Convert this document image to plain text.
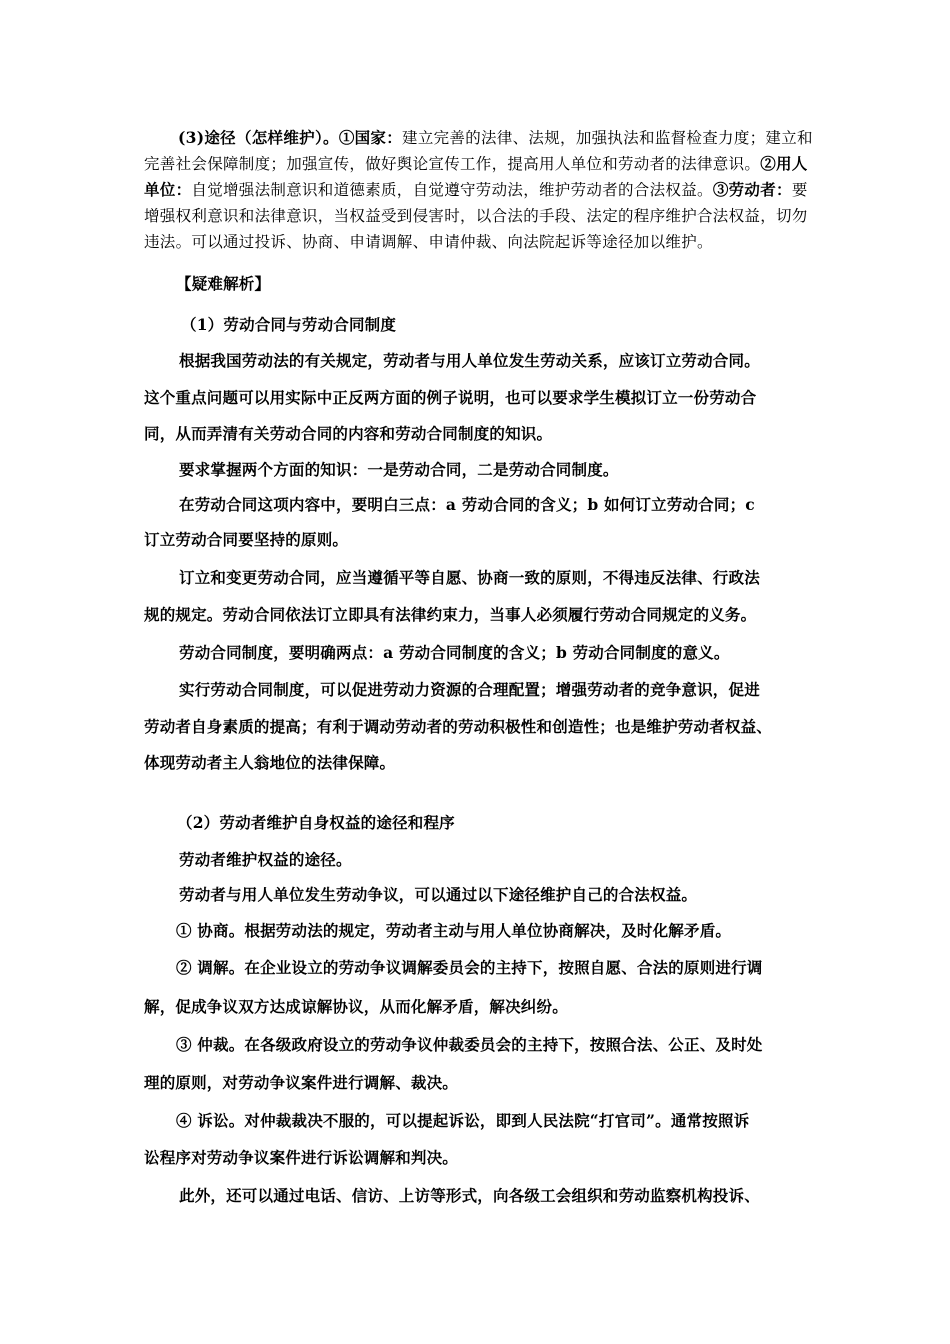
(3)途径（怎样维护）。①国家：建立完善的法律、法规，加强执法和监督检查力度；建立和完善社会保障制度；加强宣传，做好舆论宣传工作，提高用人单位和劳动者的法律意识。②用人单位：自觉增强法制意识和道德素质，自觉遵守劳动法，维护劳动者的合法权益。③劳动者：要增强权利意识和法律意识，当权益受到侵害时，以合法的手段、法定的程序维护合法权益，切勿违法。可以通过投诉、协商、申请调解、申请仲裁、向法院起诉等途径加以维护。
【疑难解析】
（1）劳动合同与劳动合同制度
根据我国劳动法的有关规定，劳动者与用人单位发生劳动关系，应该订立劳动合同。
这个重点问题可以用实际中正反两方面的例子说明，也可以要求学生模拟订立一份劳动合
同，从而弄清有关劳动合同的内容和劳动合同制度的知识。
要求掌握两个方面的知识：一是劳动合同，二是劳动合同制度。
在劳动合同这项内容中，要明白三点：a 劳动合同的含义；b 如何订立劳动合同；c
订立劳动合同要坚持的原则。
订立和变更劳动合同，应当遵循平等自愿、协商一致的原则，不得违反法律、行政法
规的规定。劳动合同依法订立即具有法律约束力，当事人必须履行劳动合同规定的义务。
劳动合同制度，要明确两点：a 劳动合同制度的含义；b 劳动合同制度的意义。
实行劳动合同制度，可以促进劳动力资源的合理配置；增强劳动者的竞争意识，促进
劳动者自身素质的提高；有利于调动劳动者的劳动积极性和创造性；也是维护劳动者权益、
体现劳动者主人翁地位的法律保障。
（2）劳动者维护自身权益的途径和程序
劳动者维护权益的途径。
劳动者与用人单位发生劳动争议，可以通过以下途径维护自己的合法权益。
① 协商。根据劳动法的规定，劳动者主动与用人单位协商解决，及时化解矛盾。
② 调解。在企业设立的劳动争议调解委员会的主持下，按照自愿、合法的原则进行调
解，促成争议双方达成谅解协议，从而化解矛盾，解决纠纷。
③ 仲裁。在各级政府设立的劳动争议仲裁委员会的主持下，按照合法、公正、及时处
理的原则，对劳动争议案件进行调解、裁决。
④ 诉讼。对仲裁裁决不服的，可以提起诉讼，即到人民法院“打官司”。通常按照诉
讼程序对劳动争议案件进行诉讼调解和判决。
此外，还可以通过电话、信访、上访等形式，向各级工会组织和劳动监察机构投诉、
